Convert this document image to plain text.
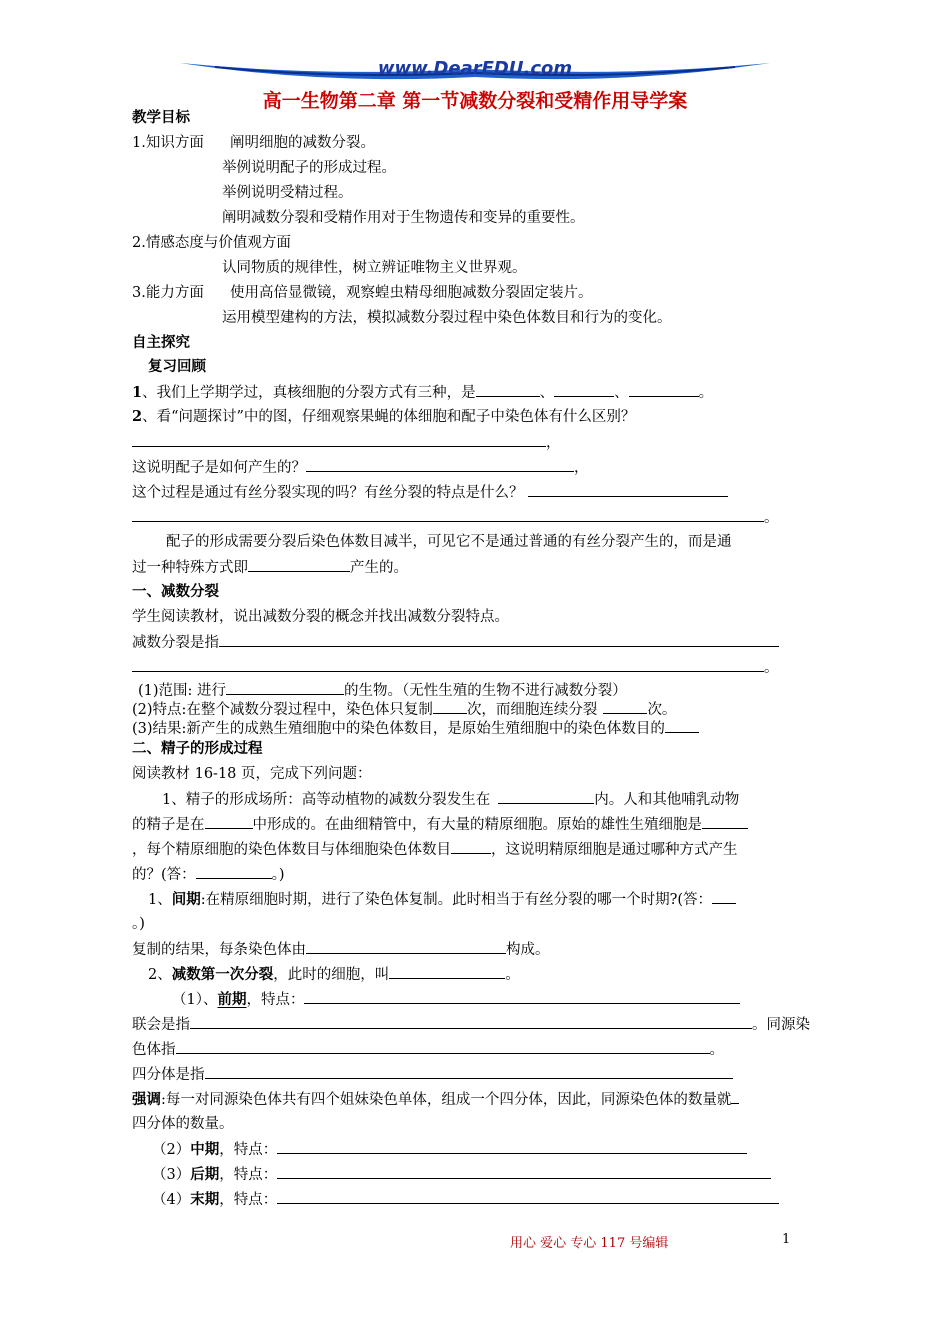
www.DearEDU.com
高一生物第二章 第一节减数分裂和受精作用导学案
教学目标
1.知识方面 阐明细胞的减数分裂。
举例说明配子的形成过程。
举例说明受精过程。
阐明减数分裂和受精作用对于生物遗传和变异的重要性。
2.情感态度与价值观方面
认同物质的规律性，树立辨证唯物主义世界观。
3.能力方面 使用高倍显微镜，观察蝗虫精母细胞减数分裂固定装片。
运用模型建构的方法，模拟减数分裂过程中染色体数目和行为的变化。
自主探究
复习回顾
1、我们上学期学过，真核细胞的分裂方式有三种，是	、	、	。
2、看“问题探讨”中的图，仔细观察果蝇的体细胞和配子中染色体有什么区别？
，
这说明配子是如何产生的？	，
这个过程是通过有丝分裂实现的吗？有丝分裂的特点是什么？
。
配子的形成需要分裂后染色体数目减半，可见它不是通过普通的有丝分裂产生的，而是通
过一种特殊方式即	产生的。
一、减数分裂
学生阅读教材，说出减数分裂的概念并找出减数分裂特点。
减数分裂是指
。
(1)范围: 进行	的生物。（无性生殖的生物不进行减数分裂）
(2)特点:在整个减数分裂过程中，染色体只复制 次，而细胞连续分裂	次。
(3)结果:新产生的成熟生殖细胞中的染色体数目，是原始生殖细胞中的染色体数目的
二、精子的形成过程
阅读教材 16-18 页，完成下列问题：
1、精子的形成场所：高等动植物的减数分裂发生在	内。人和其他哺乳动物
的精子是在	中形成的。在曲细精管中，有大量的精原细胞。原始的雄性生殖细胞是
，每个精原细胞的染色体数目与体细胞染色体数目	，这说明精原细胞是通过哪种方式产生
的？(答：	。)
1、间期:在精原细胞时期，进行了染色体复制。此时相当于有丝分裂的哪一个时期?(答：
。)
复制的结果，每条染色体由	构成。
2、减数第一次分裂，此时的细胞，叫	。
（1）、前期，特点：
联会是指	。同源染
色体指	。
四分体是指
强调:每一对同源染色体共有四个姐妹染色单体，组成一个四分体，因此，同源染色体的数量就
四分体的数量。
（2）中期，特点：
（3）后期，特点：
（4）末期，特点：
用心 爱心 专心 117 号编辑	1
